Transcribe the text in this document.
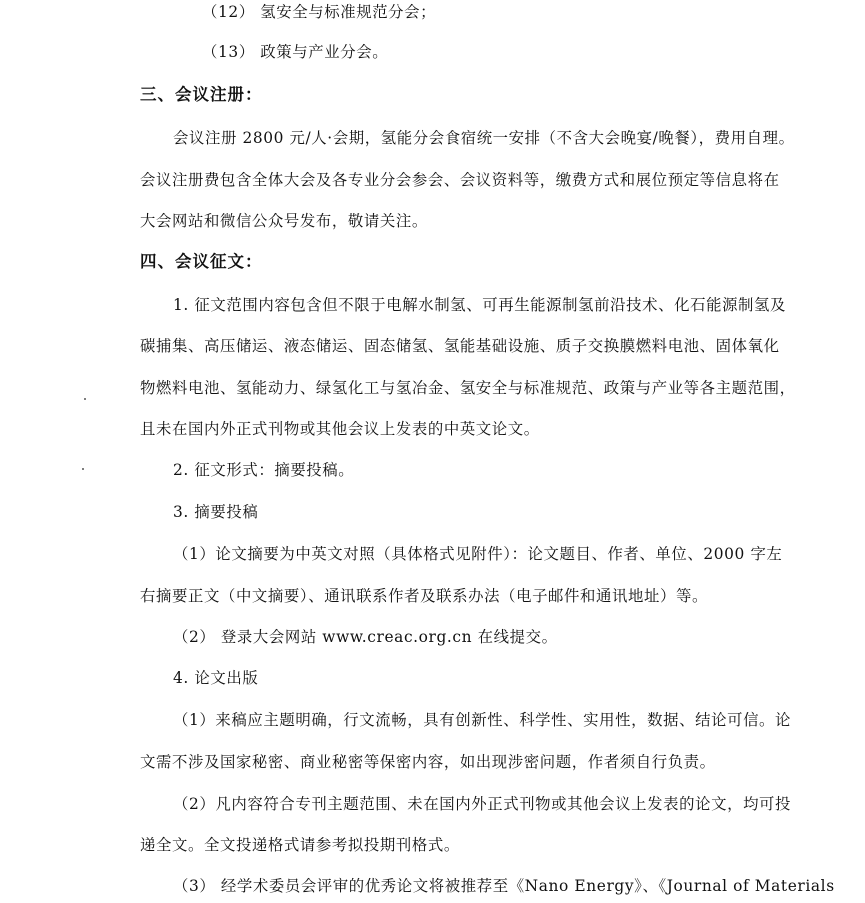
（12） 氢安全与标准规范分会；
（13） 政策与产业分会。
三、会议注册：
会议注册 2800 元/人·会期，氢能分会食宿统一安排（不含大会晚宴/晚餐），费用自理。
会议注册费包含全体大会及各专业分会参会、会议资料等，缴费方式和展位预定等信息将在
大会网站和微信公众号发布，敬请关注。
四、会议征文：
1. 征文范围内容包含但不限于电解水制氢、可再生能源制氢前沿技术、化石能源制氢及
碳捕集、高压储运、液态储运、固态储氢、氢能基础设施、质子交换膜燃料电池、固体氧化
物燃料电池、氢能动力、绿氢化工与氢冶金、氢安全与标准规范、政策与产业等各主题范围，
且未在国内外正式刊物或其他会议上发表的中英文论文。
2. 征文形式：摘要投稿。
3. 摘要投稿
（1）论文摘要为中英文对照（具体格式见附件）：论文题目、作者、单位、2000 字左
右摘要正文（中文摘要）、通讯联系作者及联系办法（电子邮件和通讯地址）等。
（2） 登录大会网站 www.creac.org.cn 在线提交。
4. 论文出版
（1）来稿应主题明确，行文流畅，具有创新性、科学性、实用性，数据、结论可信。论
文需不涉及国家秘密、商业秘密等保密内容，如出现涉密问题，作者须自行负责。
（2）凡内容符合专刊主题范围、未在国内外正式刊物或其他会议上发表的论文，均可投
递全文。全文投递格式请参考拟投期刊格式。
（3） 经学术委员会评审的优秀论文将被推荐至《Nano Energy》、《Journal of Materials
